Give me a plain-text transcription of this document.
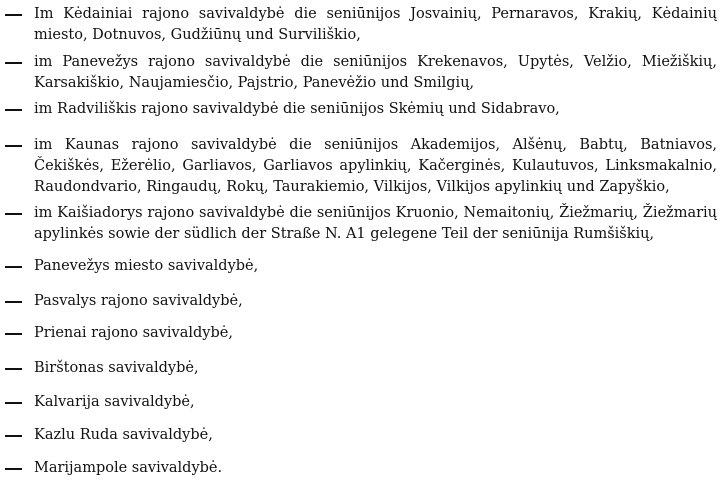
Im Kėdainiai rajono savivaldybė die seniūnijos Josvainių, Pernaravos, Krakių, Kėdainių miesto, Dotnuvos, Gudžiūnų und Surviliškio,
im Panevežys rajono savivaldybė die seniūnijos Krekenavos, Upytės, Velžio, Miežiškių, Karsakiškio, Naujamiesčio, Pajstrio, Panevėžio und Smilgių,
im Radviliškis rajono savivaldybė die seniūnijos Skėmių und Sidabravo,
im Kaunas rajono savivaldybė die seniūnijos Akademijos, Alšėnų, Babtų, Batniavos, Čekiškės, Ežerėlio, Garliavos, Garliavos apylinkių, Kačerginės, Kulautuvos, Linksmakalnio, Raudondvario, Ringaudų, Rokų, Taurakiemio, Vilkijos, Vilkijos apylinkių und Zapyškio,
im Kaišiadorys rajono savivaldybė die seniūnijos Kruonio, Nemaitonių, Žiežmarių, Žiežmarių apylinkės sowie der südlich der Straße N. A1 gelegene Teil der seniūnija Rumšiškių,
Panevežys miesto savivaldybė,
Pasvalys rajono savivaldybė,
Prienai rajono savivaldybė,
Birštonas savivaldybė,
Kalvarija savivaldybė,
Kazlu Ruda savivaldybė,
Marijampole savivaldybė.
